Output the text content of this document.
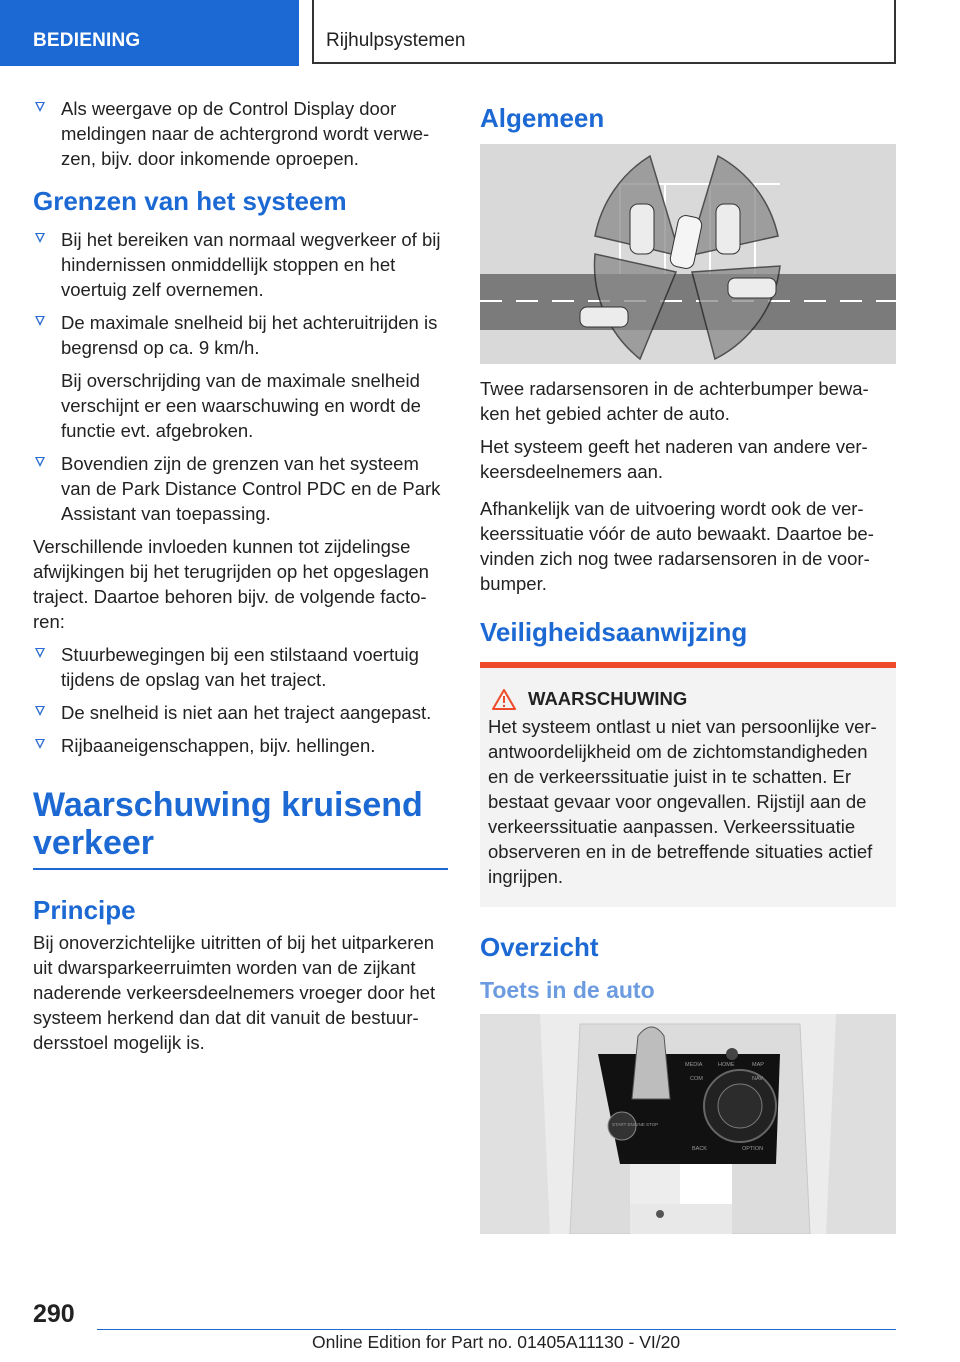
BEDIENING	Rijhulpsystemen
Als weergave op de Control Display door meldingen naar de achtergrond wordt verwe-zen, bijv. door inkomende oproepen.
Grenzen van het systeem
Bij het bereiken van normaal wegverkeer of bij hindernissen onmiddellijk stoppen en het voertuig zelf overnemen.
De maximale snelheid bij het achteruitrijden is begrensd op ca. 9 km/h.
Bij overschrijding van de maximale snelheid verschijnt er een waarschuwing en wordt de functie evt. afgebroken.
Bovendien zijn de grenzen van het systeem van de Park Distance Control PDC en de Park Assistant van toepassing.

Verschillende invloeden kunnen tot zijdelingse afwijkingen bij het terugrijden op het opgeslagen traject. Daartoe behoren bijv. de volgende facto-ren:

Stuurbewegingen bij een stilstaand voertuig tijdens de opslag van het traject.
De snelheid is niet aan het traject aangepast.
Rijbaaneigenschappen, bijv. hellingen.
Waarschuwing kruisend verkeer
Principe

Bij onoverzichtelijke uitritten of bij het uitparkeren uit dwarsparkeerruimten worden van de zijkant naderende verkeersdeelnemers vroeger door het systeem herkend dan dat dit vanuit de bestuur-dersstoel mogelijk is.

Algemeen

Twee radarsensoren in de achterbumper bewa-ken het gebied achter de auto.

Het systeem geeft het naderen van andere ver-keersdeelnemers aan.

Afhankelijk van de uitvoering wordt ook de ver-keerssituatie vóór de auto bewaakt. Daartoe be-vinden zich nog twee radarsensoren in de voor-bumper.

Veiligheidsaanwijzing
WAARSCHUWING

Het systeem ontlast u niet van persoonlijke ver-antwoordelijkheid om de zichtomstandigheden en de verkeerssituatie juist in te schatten. Er bestaat gevaar voor ongevallen. Rijstijl aan de verkeerssituatie aanpassen. Verkeerssituatie observeren en in de betreffende situaties actief ingrijpen.

Overzicht
Toets in de auto
MEDIA	HOME	MAP
COM	NAV
BACK	OPTION
START ENGINE STOP
290
Online Edition for Part no. 01405A11130 - VI/20
